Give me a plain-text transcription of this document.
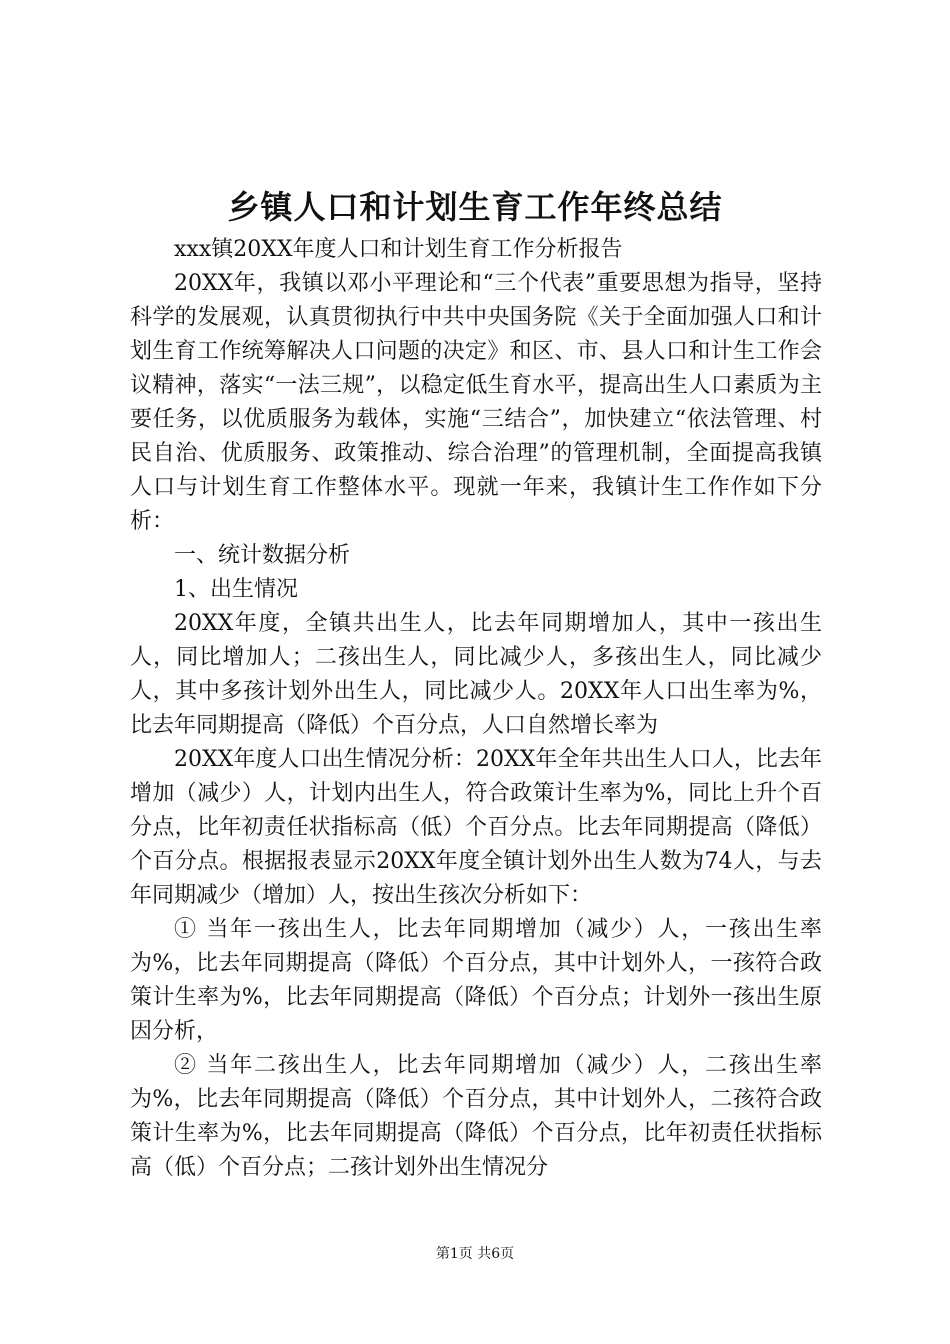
乡镇人口和计划生育工作年终总结

xxx镇20XX年度人口和计划生育工作分析报告

20XX年，我镇以邓小平理论和“三个代表”重要思想为指导，坚持科学的发展观，认真贯彻执行中共中央国务院《关于全面加强人口和计划生育工作统筹解决人口问题的决定》和区、市、县人口和计生工作会议精神，落实“一法三规”，以稳定低生育水平，提高出生人口素质为主要任务，以优质服务为载体，实施“三结合”，加快建立“依法管理、村民自治、优质服务、政策推动、综合治理”的管理机制，全面提高我镇人口与计划生育工作整体水平。现就一年来，我镇计生工作作如下分析：

一、统计数据分析

1、出生情况

20XX年度，全镇共出生人，比去年同期增加人，其中一孩出生人，同比增加人；二孩出生人，同比减少人，多孩出生人，同比减少人，其中多孩计划外出生人，同比减少人。20XX年人口出生率为%，比去年同期提高（降低）个百分点，人口自然增长率为

20XX年度人口出生情况分析：20XX年全年共出生人口人，比去年增加（减少）人，计划内出生人，符合政策计生率为%，同比上升个百分点，比年初责任状指标高（低）个百分点。比去年同期提高（降低）个百分点。根据报表显示20XX年度全镇计划外出生人数为74人，与去年同期减少（增加）人，按出生孩次分析如下：

① 当年一孩出生人，比去年同期增加（减少）人，一孩出生率为%，比去年同期提高（降低）个百分点，其中计划外人，一孩符合政策计生率为%，比去年同期提高（降低）个百分点；计划外一孩出生原因分析，

② 当年二孩出生人，比去年同期增加（减少）人，二孩出生率为%，比去年同期提高（降低）个百分点，其中计划外人，二孩符合政策计生率为%，比去年同期提高（降低）个百分点，比年初责任状指标高（低）个百分点；二孩计划外出生情况分

第1页 共6页
